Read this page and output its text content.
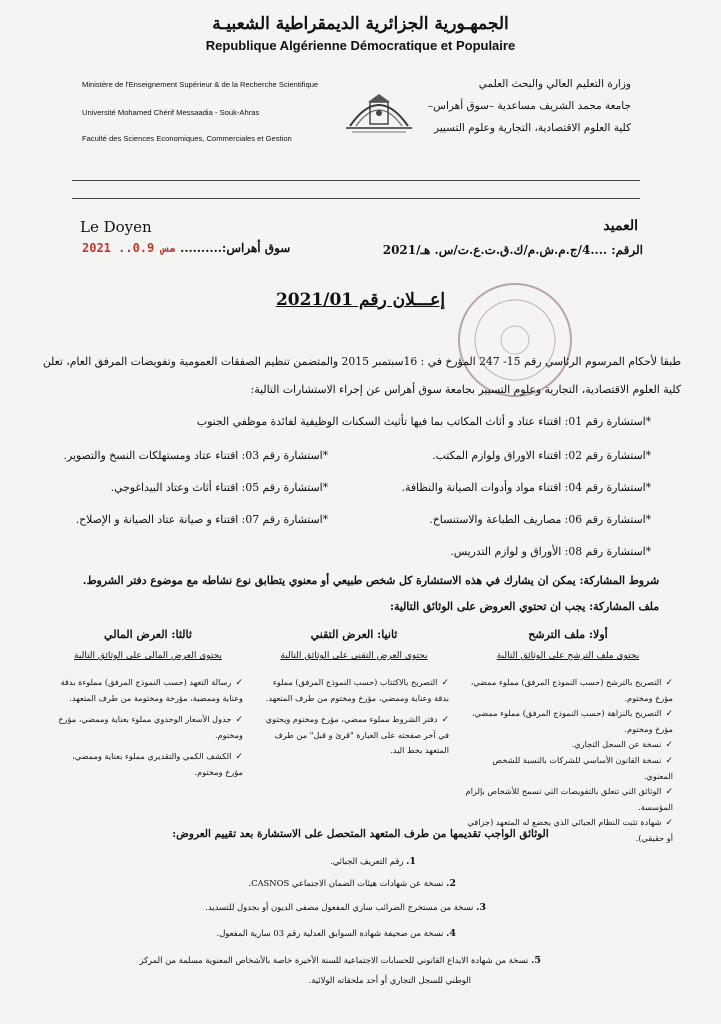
الجمهـورية الجزائرية الديمقراطية الشعبيـة
Republique Algérienne Démocratique et Populaire
Ministère de l'Enseignement Supérieur & de la Recherche Scientifique
Université Mohamed Chérif Messaadia - Souk-Ahras
Faculté des Sciences Economiques, Commerciales et Gestion
وزارة التعليم العالي والبحث العلمي
جامعة محمد الشريف مساعدية –سوق أهراس–
كلية العلوم الاقتصادية، التجارية وعلوم التسيير
Le Doyen	العميد
الرقم: ....4/ج.م.ش.م/ك.ق.ت.ع.ت/س. هـ/2021
2021 ..مس 0.9 سوق أهراس:..........
إعـــلان رقم 2021/01
طبقا لأحكام المرسوم الرئاسي رقم 15- 247 المؤرخ في : 16سبتمبر 2015 والمتضمن تنظيم الصفقات العمومية وتفويضات المرفق العام، تعلن
كلية العلوم الاقتصادية، التجارية وعلوم التسيير بجامعة سوق أهراس عن إجراء الاستشارات التالية:
*استشارة رقم 01: اقتناء عتاد و أثاث المكاتب بما فيها تأثيث السكنات الوظيفية لفائدة موظفي الجنوب
*استشارة رقم 02: اقتناء الاوراق ولوازم المكتب.
*استشارة رقم 03: اقتناء عتاد ومستهلكات النسخ والتصوير.
*استشارة رقم 04: اقتناء مواد وأدوات الصيانة والنظافة.
*استشارة رقم 05: اقتناء أثاث وعتاد البيداغوجي.
*استشارة رقم 06: مصاريف الطباعة والاستنساخ.
*استشارة رقم 07: اقتناء و صيانة عتاد الصيانة و الإصلاح.
*استشارة رقم 08: الأوراق و لوازم التدريس.
شروط المشاركة: يمكن ان يشارك في هذه الاستشارة كل شخص طبيعي أو معنوي يتطابق نوع نشاطه مع موضوع دفتر الشروط.
ملف المشاركة: يجب ان تحتوي العروض على الوثائق التالية:
أولا: ملف الترشح
يحتوي ملف الترشح على الوثائق التالية
✓التصريح بالترشح (حسب النموذج المرفق) مملوء ممضي، مؤرخ ومختوم.
✓التصريح بالنزاهة (حسب النموذج المرفق) مملوء ممضي، مؤرخ ومختوم.
✓نسخة عن السجل التجاري.
✓نسخة القانون الأساسي للشركات بالنسبة للشخص المعنوي.
✓الوثائق التي تتعلق بالتفويضات التي تسمح للأشخاص بإلزام المؤسسة.
✓شهادة تثبت النظام الجبائي الذي يخضع له المتعهد (جزافي أو حقيقي).
ثانيا: العرض التقني
يحتوي العرض التقني على الوثائق التالية
✓التصريح بالاكتتاب (حسب النموذج المرفق) مملوء بدقة وعناية وممضي، مؤرخ ومختوم من طرف المتعهد.
✓دفتر الشروط مملوء ممضي، مؤرخ ومختوم ويحتوي في آخر صفحته على العبارة "قرئ و قبل" من طرف المتعهد بخط اليد.
ثالثا: العرض المالي
يحتوي العرض المالي على الوثائق التالية
✓رسالة التعهد (حسب النموذج المرفق) مملوءة بدقة وعناية وممضية، مؤرخة ومختومة من طرف المتعهد.
✓جدول الأسعار الوحدوي مملوء بعناية وممضي، مؤرخ ومختوم.
✓الكشف الكمي والتقديري مملوء بعناية وممضي، مؤرخ ومختوم.
الوثائق الواجب تقديمها من طرف المتعهد المتحصل على الاستشارة بعد تقييم العروض:
1. رقم التعريف الجبائي.
2. نسخة عن شهادات هيئات الضمان الاجتماعي CASNOS.
3. نسخة من مستخرج الضرائب ساري المفعول مصفى الديون أو بجدول للتسديد.
4. نسخة من صحيفة شهادة السوابق العدلية رقم 03 سارية المفعول.
5. نسخة من شهادة الايداع القانوني للحسابات الاجتماعية للسنة الأخيرة خاصة بالأشخاص المعنوية مسلمة من المركز
الوطني للسجل التجاري أو أحد ملحقاته الولائية.
